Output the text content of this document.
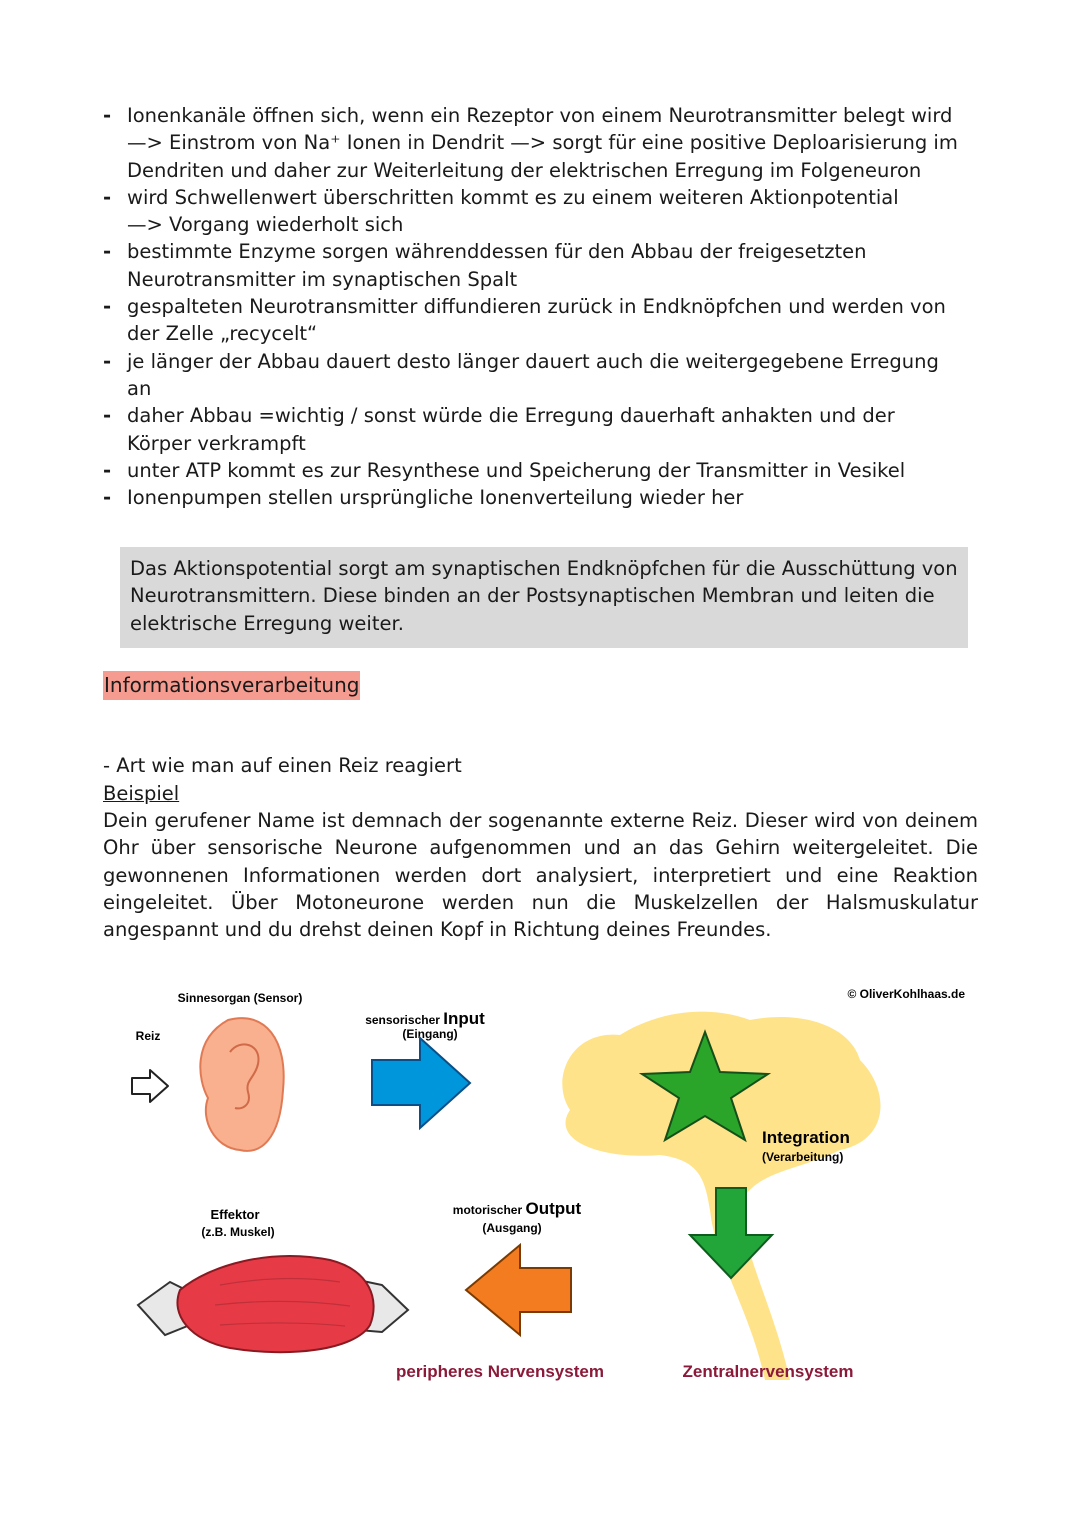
- Ionenkanäle öffnen sich, wenn ein Rezeptor von einem Neurotransmitter belegt wird
—> Einstrom von Na⁺ Ionen in Dendrit —> sorgt für eine positive Deploarisierung im
Dendriten und daher zur Weiterleitung der elektrischen Erregung im Folgeneuron
- wird Schwellenwert überschritten kommt es zu einem weiteren Aktionpotential
—> Vorgang wiederholt sich
- bestimmte Enzyme sorgen währenddessen für den Abbau der freigesetzten
Neurotransmitter im synaptischen Spalt
- gespalteten Neurotransmitter diffundieren zurück in Endknöpfchen und werden von
der Zelle „recycelt“
- je länger der Abbau dauert desto länger dauert auch die weitergegebene Erregung
an
- daher Abbau =wichtig / sonst würde die Erregung dauerhaft anhakten und der
Körper verkrampft
- unter ATP kommt es zur Resynthese und Speicherung der Transmitter in Vesikel
- Ionenpumpen stellen ursprüngliche Ionenverteilung wieder her
Das Aktionspotential sorgt am synaptischen Endknöpfchen für die Ausschüttung von
Neurotransmittern. Diese binden an der Postsynaptischen Membran und leiten die
elektrische Erregung weiter.
Informationsverarbeitung
- Art wie man auf einen Reiz reagiert
Beispiel

Dein gerufener Name ist demnach der sogenannte externe Reiz. Dieser wird von deinem Ohr über sensorische Neurone aufgenommen und an das Gehirn weitergeleitet. Die gewonnenen Informationen werden dort analysiert, interpretiert und eine Reaktion eingeleitet. Über Motoneurone werden nun die Muskelzellen der Halsmuskulatur angespannt und du drehst deinen Kopf in Richtung deines Freundes.

© OliverKohlhaas.de
Sinnesorgan (Sensor)
Reiz
sensorischer Input
(Eingang)
Integration
(Verarbeitung)
Effektor
(z.B. Muskel)
motorischer Output
(Ausgang)
peripheres Nervensystem	Zentralnervensystem
